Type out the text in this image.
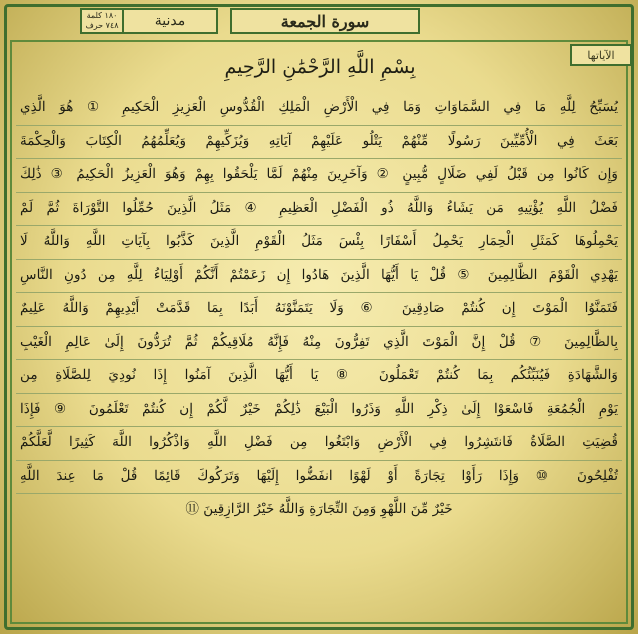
سورة الجمعة
مدنية
١٨٠ كلمة
٧٤٨ حرف
الآياتها
بِسْمِ اللَّهِ الرَّحْمَٰنِ الرَّحِيمِ
يُسَبِّحُ لِلَّهِ مَا فِي السَّمَاوَاتِ وَمَا فِي الْأَرْضِ الْمَلِكِ الْقُدُّوسِ الْعَزِيزِ الْحَكِيمِ ① هُوَ الَّذِي
بَعَثَ فِي الْأُمِّيِّينَ رَسُولًا مِّنْهُمْ يَتْلُو عَلَيْهِمْ آيَاتِهِ وَيُزَكِّيهِمْ وَيُعَلِّمُهُمُ الْكِتَابَ وَالْحِكْمَةَ
وَإِن كَانُوا مِن قَبْلُ لَفِي ضَلَالٍ مُّبِينٍ ② وَآخَرِينَ مِنْهُمْ لَمَّا يَلْحَقُوا بِهِمْ وَهُوَ الْعَزِيزُ الْحَكِيمُ ③ ذَٰلِكَ
فَضْلُ اللَّهِ يُؤْتِيهِ مَن يَشَاءُ وَاللَّهُ ذُو الْفَضْلِ الْعَظِيمِ ④ مَثَلُ الَّذِينَ حُمِّلُوا التَّوْرَاةَ ثُمَّ لَمْ
يَحْمِلُوهَا كَمَثَلِ الْحِمَارِ يَحْمِلُ أَسْفَارًا بِئْسَ مَثَلُ الْقَوْمِ الَّذِينَ كَذَّبُوا بِآيَاتِ اللَّهِ وَاللَّهُ لَا
يَهْدِي الْقَوْمَ الظَّالِمِينَ ⑤ قُلْ يَا أَيُّهَا الَّذِينَ هَادُوا إِن زَعَمْتُمْ أَنَّكُمْ أَوْلِيَاءُ لِلَّهِ مِن دُونِ النَّاسِ
فَتَمَنَّوُا الْمَوْتَ إِن كُنتُمْ صَادِقِينَ ⑥ وَلَا يَتَمَنَّوْنَهُ أَبَدًا بِمَا قَدَّمَتْ أَيْدِيهِمْ وَاللَّهُ عَلِيمٌ
بِالظَّالِمِينَ ⑦ قُلْ إِنَّ الْمَوْتَ الَّذِي تَفِرُّونَ مِنْهُ فَإِنَّهُ مُلَاقِيكُمْ ثُمَّ تُرَدُّونَ إِلَىٰ عَالِمِ الْغَيْبِ
وَالشَّهَادَةِ فَيُنَبِّئُكُم بِمَا كُنتُمْ تَعْمَلُونَ ⑧ يَا أَيُّهَا الَّذِينَ آمَنُوا إِذَا نُودِيَ لِلصَّلَاةِ مِن
يَوْمِ الْجُمُعَةِ فَاسْعَوْا إِلَىٰ ذِكْرِ اللَّهِ وَذَرُوا الْبَيْعَ ذَٰلِكُمْ خَيْرٌ لَّكُمْ إِن كُنتُمْ تَعْلَمُونَ ⑨ فَإِذَا
قُضِيَتِ الصَّلَاةُ فَانتَشِرُوا فِي الْأَرْضِ وَابْتَغُوا مِن فَضْلِ اللَّهِ وَاذْكُرُوا اللَّهَ كَثِيرًا لَّعَلَّكُمْ
تُفْلِحُونَ ⑩ وَإِذَا رَأَوْا تِجَارَةً أَوْ لَهْوًا انفَضُّوا إِلَيْهَا وَتَرَكُوكَ قَائِمًا قُلْ مَا عِندَ اللَّهِ
خَيْرٌ مِّنَ اللَّهْوِ وَمِنَ التِّجَارَةِ وَاللَّهُ خَيْرُ الرَّازِقِينَ ⑪
